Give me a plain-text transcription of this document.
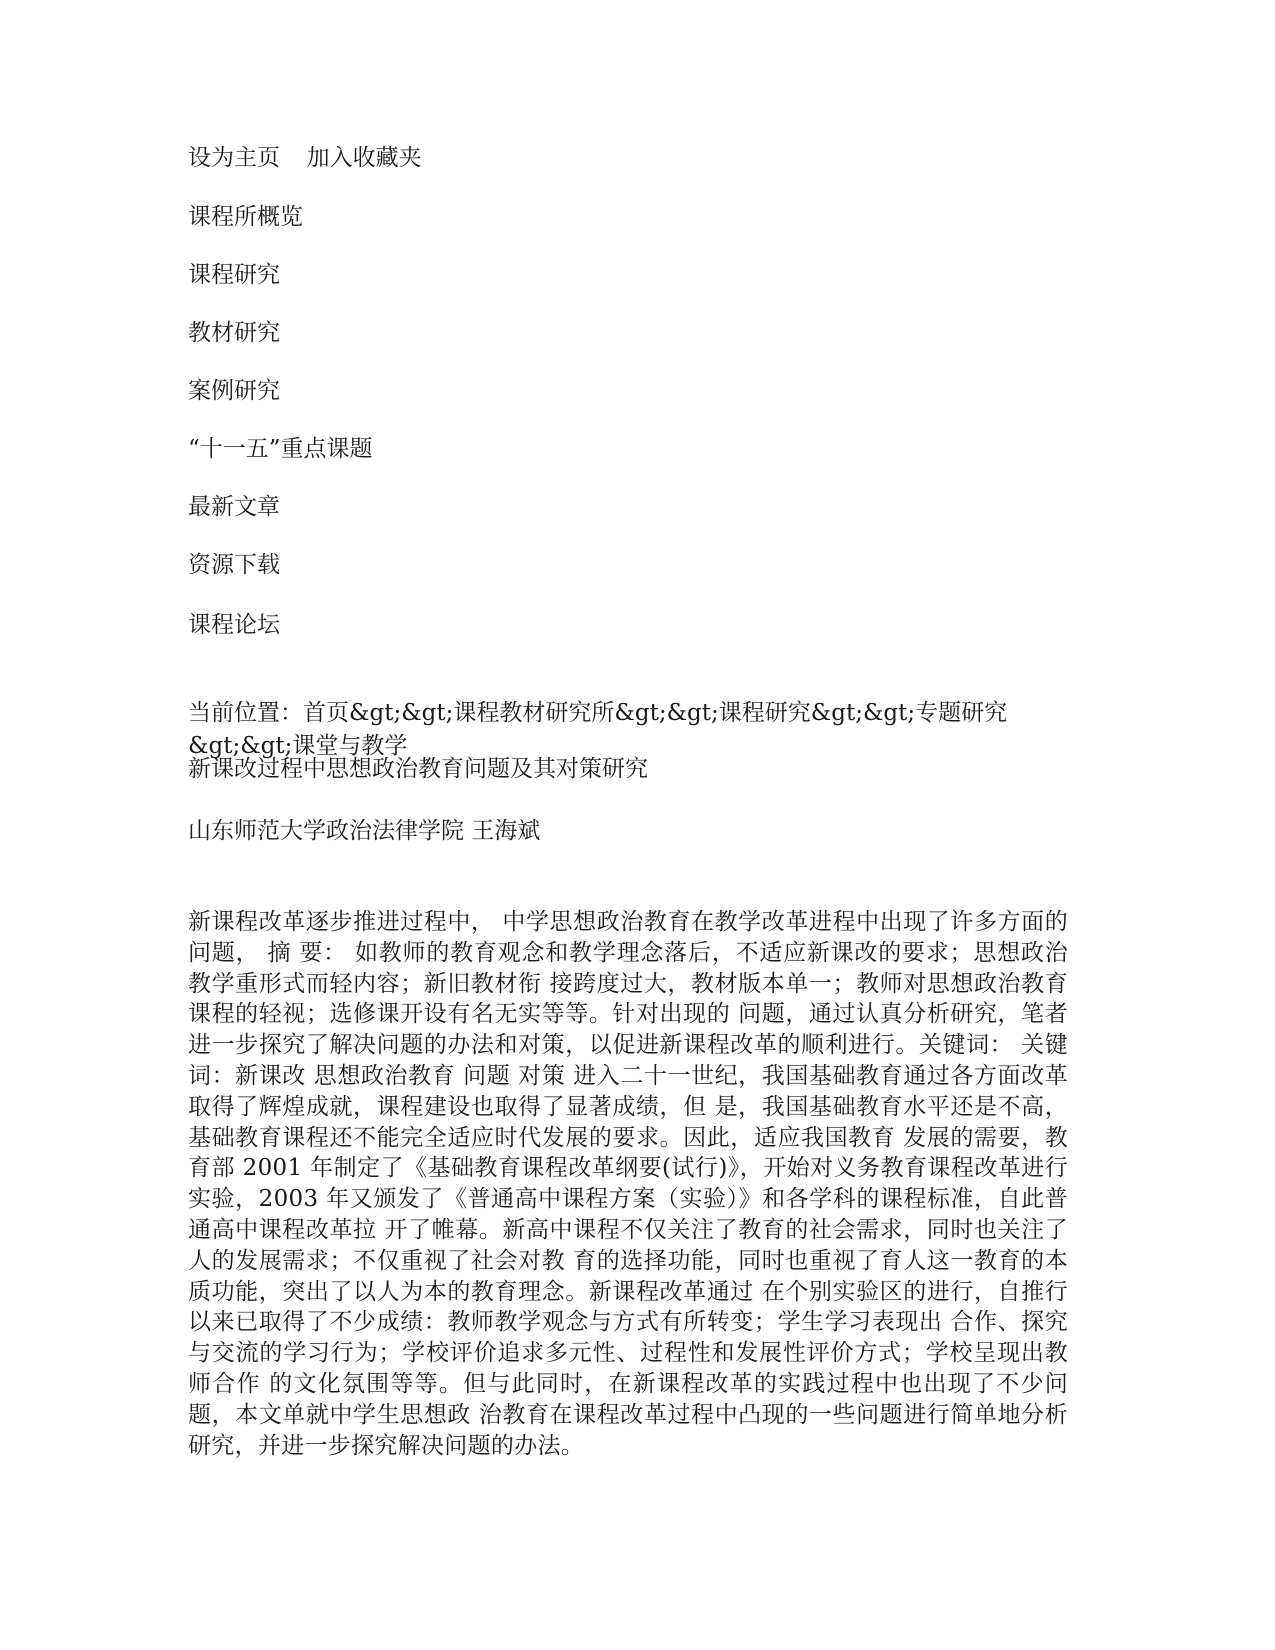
设为主页 加入收藏夹
课程所概览
课程研究
教材研究
案例研究
“十一五”重点课题
最新文章
资源下载
课程论坛
当前位置：首页&gt;&gt;课程教材研究所&gt;&gt;课程研究&gt;&gt;专题研究
&gt;&gt;课堂与教学
新课改过程中思想政治教育问题及其对策研究
山东师范大学政治法律学院 王海斌
新课程改革逐步推进过程中， 中学思想政治教育在教学改革进程中出现了许多方面的问题， 摘 要： 如教师的教育观念和教学理念落后，不适应新课改的要求；思想政治教学重形式而轻内容；新旧教材衔 接跨度过大，教材版本单一；教师对思想政治教育课程的轻视；选修课开设有名无实等等。针对出现的 问题，通过认真分析研究，笔者进一步探究了解决问题的办法和对策，以促进新课程改革的顺利进行。关键词： 关键词：新课改 思想政治教育 问题 对策 进入二十一世纪，我国基础教育通过各方面改革取得了辉煌成就，课程建设也取得了显著成绩，但 是，我国基础教育水平还是不高，基础教育课程还不能完全适应时代发展的要求。因此，适应我国教育 发展的需要，教育部 2001 年制定了《基础教育课程改革纲要(试行)》，开始对义务教育课程改革进行 实验，2003 年又颁发了《普通高中课程方案（实验）》和各学科的课程标准，自此普通高中课程改革拉 开了帷幕。新高中课程不仅关注了教育的社会需求，同时也关注了人的发展需求；不仅重视了社会对教 育的选择功能，同时也重视了育人这一教育的本质功能，突出了以人为本的教育理念。新课程改革通过 在个别实验区的进行，自推行以来已取得了不少成绩：教师教学观念与方式有所转变；学生学习表现出 合作、探究与交流的学习行为；学校评价追求多元性、过程性和发展性评价方式；学校呈现出教师合作 的文化氛围等等。但与此同时，在新课程改革的实践过程中也出现了不少问题，本文单就中学生思想政 治教育在课程改革过程中凸现的一些问题进行简单地分析研究，并进一步探究解决问题的办法。
